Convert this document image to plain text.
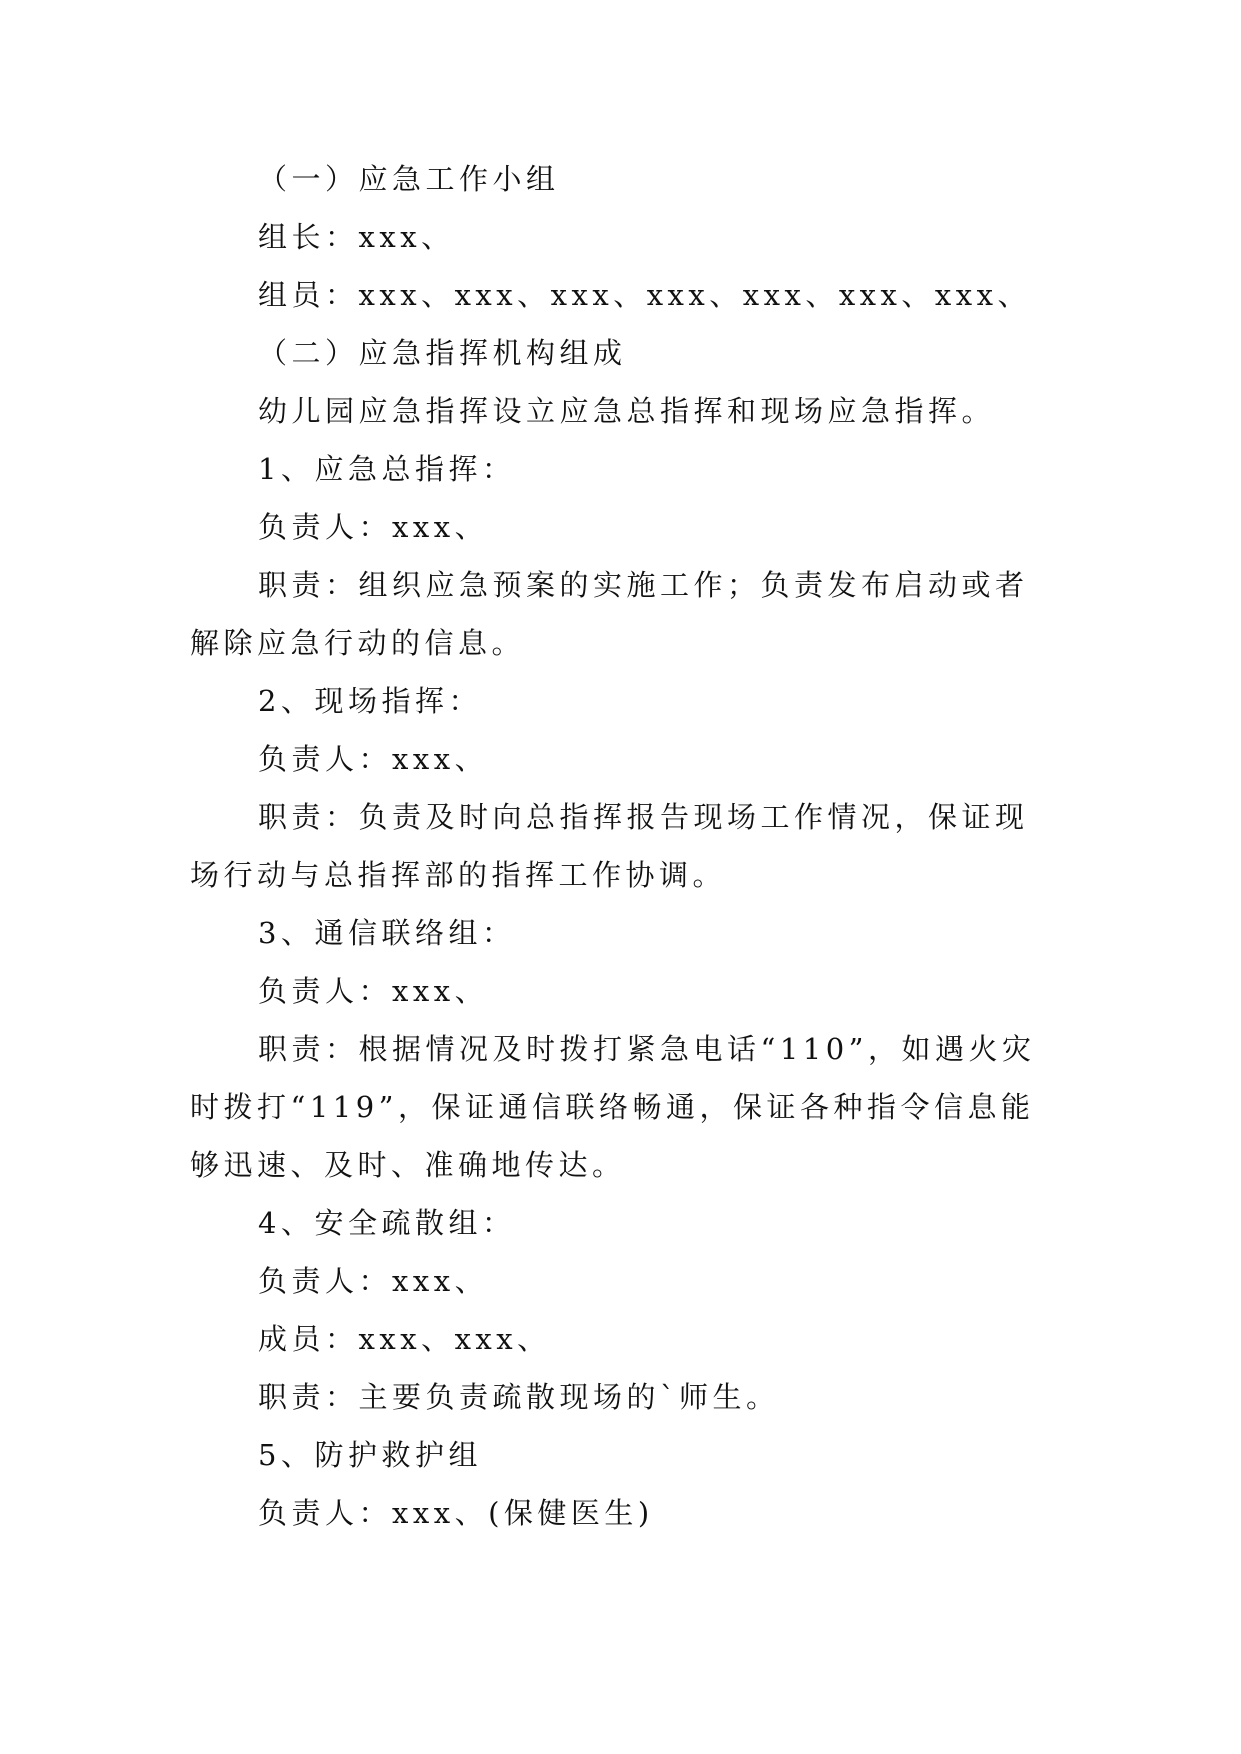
（一）应急工作小组

组长：xxx、

组员：xxx、xxx、xxx、xxx、xxx、xxx、xxx、

（二）应急指挥机构组成

幼儿园应急指挥设立应急总指挥和现场应急指挥。

1、应急总指挥：

负责人：xxx、

职责：组织应急预案的实施工作；负责发布启动或者解除应急行动的信息。

2、现场指挥：

负责人：xxx、

职责：负责及时向总指挥报告现场工作情况，保证现场行动与总指挥部的指挥工作协调。

3、通信联络组：

负责人：xxx、

职责：根据情况及时拨打紧急电话“110”，如遇火灾时拨打“119”，保证通信联络畅通，保证各种指令信息能够迅速、及时、准确地传达。

4、安全疏散组：

负责人：xxx、

成员：xxx、xxx、

职责：主要负责疏散现场的`师生。

5、防护救护组

负责人：xxx、(保健医生)
